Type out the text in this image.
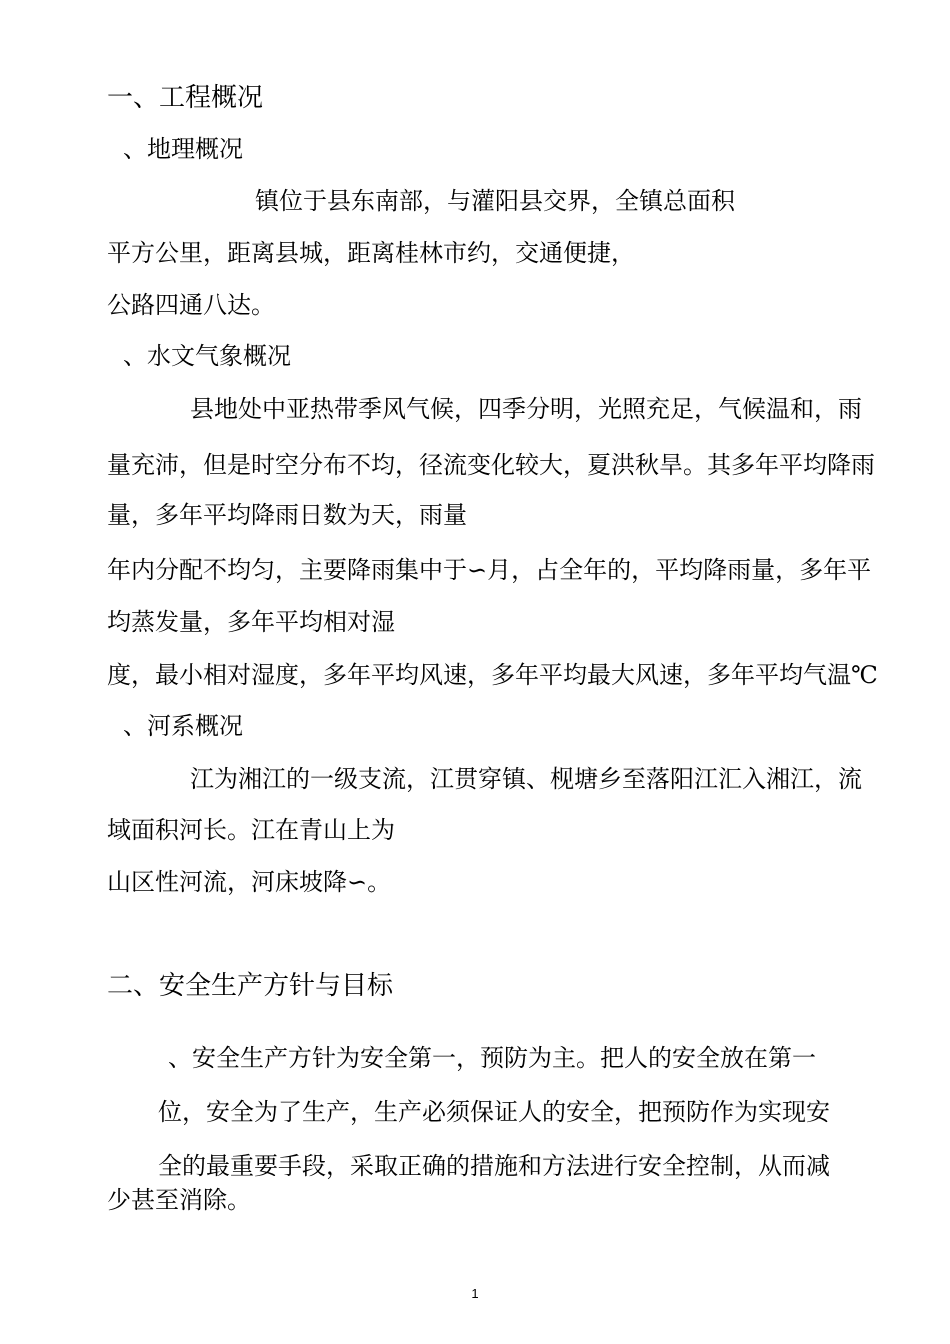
一、工程概况
、地理概况
镇位于县东南部，与灌阳县交界，全镇总面积
平方公里，距离县城，距离桂林市约，交通便捷，
公路四通八达。
、水文气象概况
县地处中亚热带季风气候，四季分明，光照充足，气候温和，雨
量充沛，但是时空分布不均，径流变化较大，夏洪秋旱。其多年平均降雨
量，多年平均降雨日数为天，雨量
年内分配不均匀，主要降雨集中于∽月，占全年的，平均降雨量，多年平
均蒸发量，多年平均相对湿
度，最小相对湿度，多年平均风速，多年平均最大风速，多年平均气温℃
、河系概况
江为湘江的一级支流，江贯穿镇、枧塘乡至落阳江汇入湘江，流
域面积河长。江在青山上为
山区性河流，河床坡降∽。
二、安全生产方针与目标
、安全生产方针为安全第一，预防为主。把人的安全放在第一
位，安全为了生产，生产必须保证人的安全，把预防作为实现安
全的最重要手段，采取正确的措施和方法进行安全控制，从而减
少甚至消除。
1
